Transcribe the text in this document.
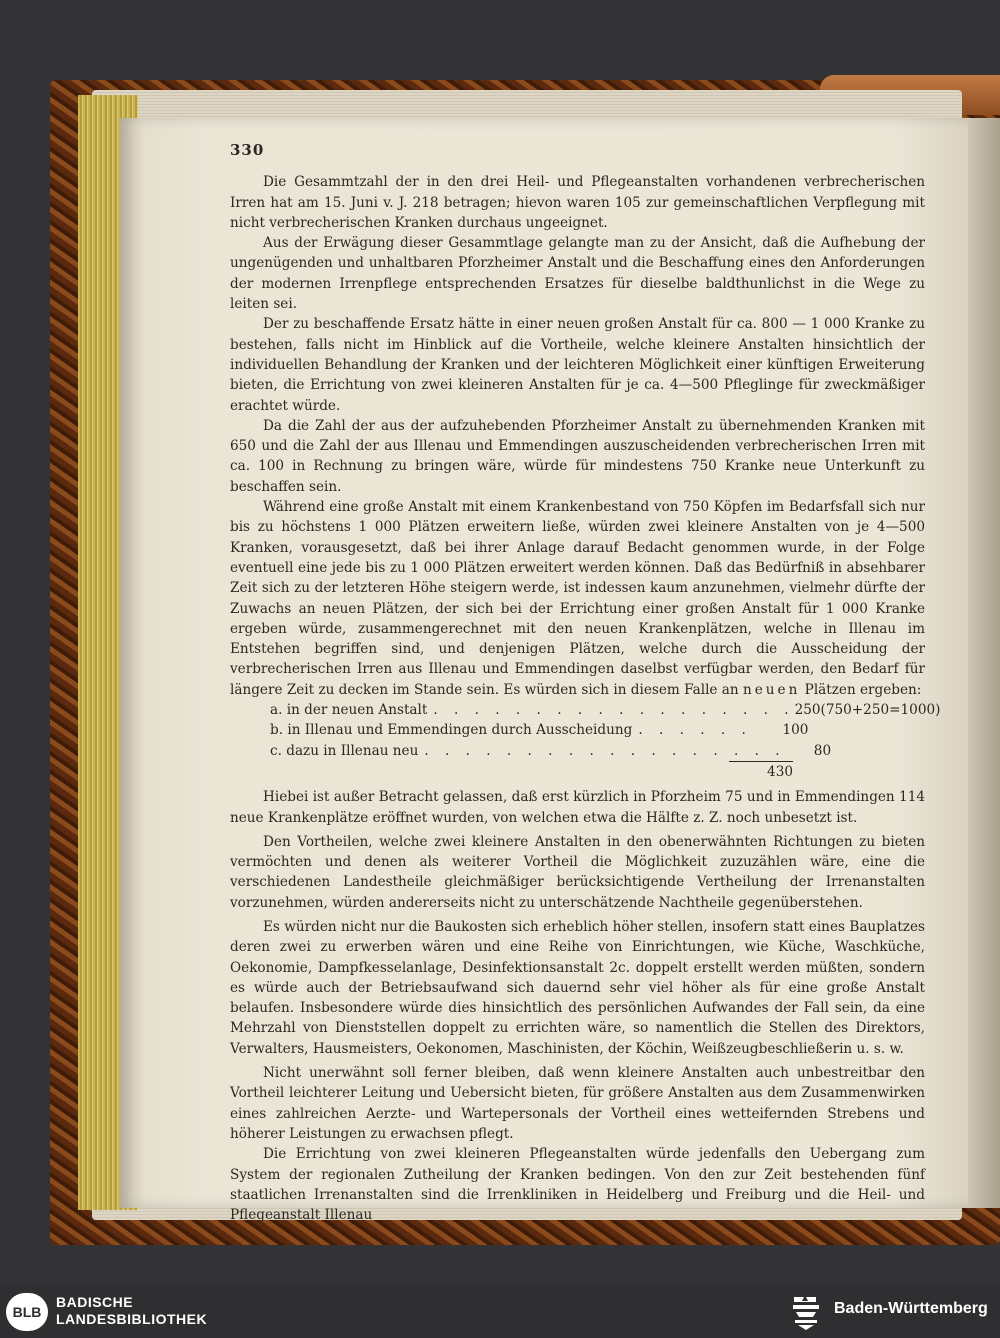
330

Die Gesammtzahl der in den drei Heil- und Pflegeanstalten vorhandenen verbrecherischen Irren hat am 15. Juni v. J. 218 betragen; hievon waren 105 zur gemeinschaftlichen Verpflegung mit nicht verbrecherischen Kranken durchaus ungeeignet.

Aus der Erwägung dieser Gesammtlage gelangte man zu der Ansicht, daß die Aufhebung der ungenügenden und unhaltbaren Pforzheimer Anstalt und die Beschaffung eines den Anforderungen der modernen Irrenpflege entsprechenden Ersatzes für dieselbe baldthunlichst in die Wege zu leiten sei.

Der zu beschaffende Ersatz hätte in einer neuen großen Anstalt für ca. 800 — 1 000 Kranke zu bestehen, falls nicht im Hinblick auf die Vortheile, welche kleinere Anstalten hinsichtlich der individuellen Behandlung der Kranken und der leichteren Möglichkeit einer künftigen Erweiterung bieten, die Errichtung von zwei kleineren Anstalten für je ca. 4—500 Pfleglinge für zweckmäßiger erachtet würde.

Da die Zahl der aus der aufzuhebenden Pforzheimer Anstalt zu übernehmenden Kranken mit 650 und die Zahl der aus Illenau und Emmendingen auszuscheidenden verbrecherischen Irren mit ca. 100 in Rechnung zu bringen wäre, würde für mindestens 750 Kranke neue Unterkunft zu beschaffen sein.

Während eine große Anstalt mit einem Krankenbestand von 750 Köpfen im Bedarfsfall sich nur bis zu höchstens 1 000 Plätzen erweitern ließe, würden zwei kleinere Anstalten von je 4—500 Kranken, vorausgesetzt, daß bei ihrer Anlage darauf Bedacht genommen wurde, in der Folge eventuell eine jede bis zu 1 000 Plätzen erweitert werden können. Daß das Bedürfniß in absehbarer Zeit sich zu der letzteren Höhe steigern werde, ist indessen kaum anzunehmen, vielmehr dürfte der Zuwachs an neuen Plätzen, der sich bei der Errichtung einer großen Anstalt für 1 000 Kranke ergeben würde, zusammengerechnet mit den neuen Krankenplätzen, welche in Illenau im Entstehen begriffen sind, und denjenigen Plätzen, welche durch die Ausscheidung der verbrecherischen Irren aus Illenau und Emmendingen daselbst verfügbar werden, den Bedarf für längere Zeit zu decken im Stande sein. Es würden sich in diesem Falle an neuen Plätzen ergeben:

a. in der neuen Anstalt . . . . . . . . . . . . . . . . . . 250 (750+250=1000)
b. in Illenau und Emmendingen durch Ausscheidung . . . . . .	100
c. dazu in Illenau neu . . . . . . . . . . . . . . . . . .	80
430

Hiebei ist außer Betracht gelassen, daß erst kürzlich in Pforzheim 75 und in Emmendingen 114 neue Krankenplätze eröffnet wurden, von welchen etwa die Hälfte z. Z. noch unbesetzt ist.

Den Vortheilen, welche zwei kleinere Anstalten in den obenerwähnten Richtungen zu bieten vermöchten und denen als weiterer Vortheil die Möglichkeit zuzuzählen wäre, eine die verschiedenen Landestheile gleichmäßiger berücksichtigende Vertheilung der Irrenanstalten vorzunehmen, würden andererseits nicht zu unterschätzende Nachtheile gegenüberstehen.

Es würden nicht nur die Baukosten sich erheblich höher stellen, insofern statt eines Bauplatzes deren zwei zu erwerben wären und eine Reihe von Einrichtungen, wie Küche, Waschküche, Oekonomie, Dampfkesselanlage, Desinfektionsanstalt 2c. doppelt erstellt werden müßten, sondern es würde auch der Betriebsaufwand sich dauernd sehr viel höher als für eine große Anstalt belaufen. Insbesondere würde dies hinsichtlich des persönlichen Aufwandes der Fall sein, da eine Mehrzahl von Dienststellen doppelt zu errichten wäre, so namentlich die Stellen des Direktors, Verwalters, Hausmeisters, Oekonomen, Maschinisten, der Köchin, Weißzeugbeschließerin u. s. w.

Nicht unerwähnt soll ferner bleiben, daß wenn kleinere Anstalten auch unbestreitbar den Vortheil leichterer Leitung und Uebersicht bieten, für größere Anstalten aus dem Zusammenwirken eines zahlreichen Aerzte- und Wartepersonals der Vortheil eines wetteifernden Strebens und höherer Leistungen zu erwachsen pflegt.

Die Errichtung von zwei kleineren Pflegeanstalten würde jedenfalls den Uebergang zum System der regionalen Zutheilung der Kranken bedingen. Von den zur Zeit bestehenden fünf staatlichen Irrenanstalten sind die Irrenkliniken in Heidelberg und Freiburg und die Heil- und Pflegeanstalt Illenau

BLB
BADISCHE
LANDESBIBLIOTHEK
Baden-Württemberg
